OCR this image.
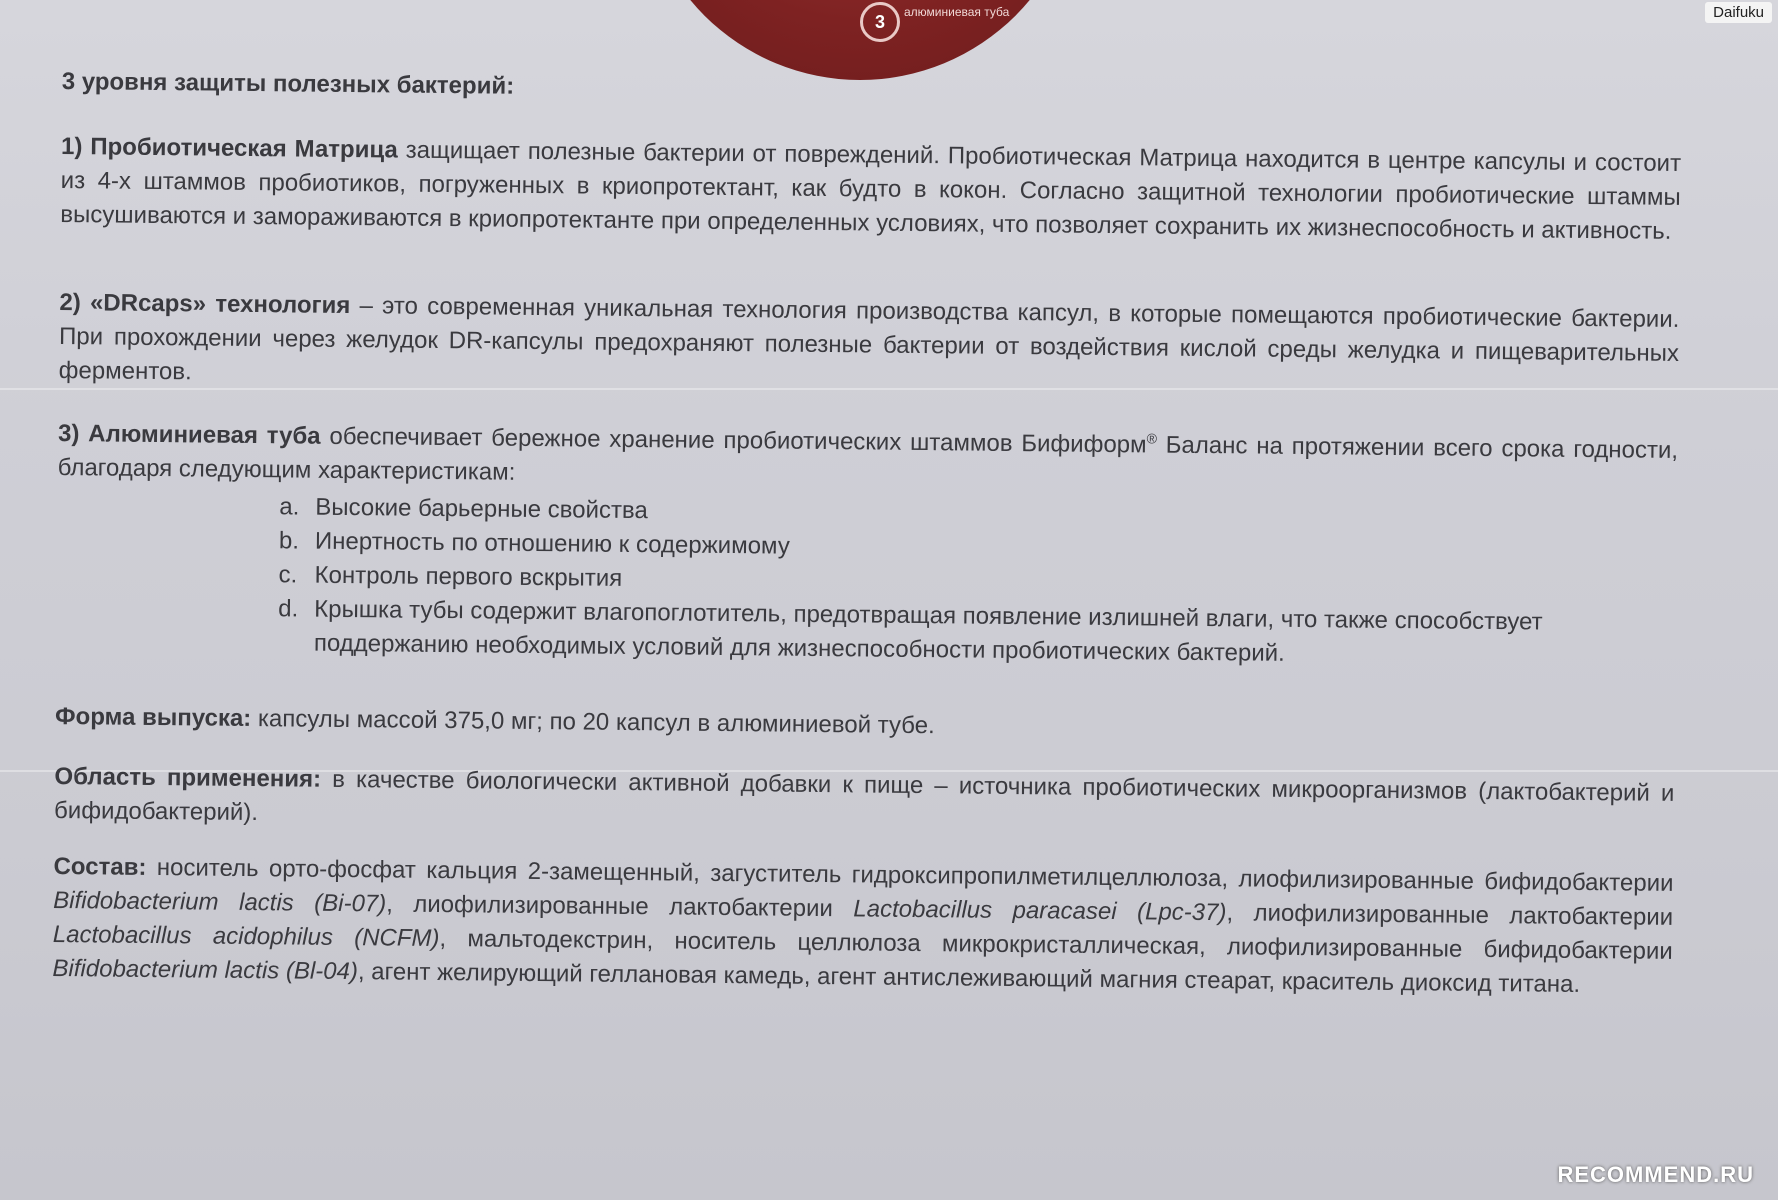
3	алюминиевая туба	Daifuku
RECOMMEND.RU
3 уровня защиты полезных бактерий:
1) Пробиотическая Матрица защищает полезные бактерии от повреждений. Пробиотическая Матрица находится в центре капсулы и состоит из 4-х штаммов пробиотиков, погруженных в криопротектант, как будто в кокон. Согласно защитной технологии пробиотические штаммы высушиваются и замораживаются в криопротектанте при определенных условиях, что позволяет сохранить их жизнеспособность и активность.
2) «DRcaps» технология – это современная уникальная технология производства капсул, в которые помещаются пробиотические бактерии. При прохождении через желудок DR-капсулы предохраняют полезные бактерии от воздействия кислой среды желудка и пищеварительных ферментов.
3) Алюминиевая туба обеспечивает бережное хранение пробиотических штаммов Бифиформ® Баланс на протяжении всего срока годности, благодаря следующим характеристикам:
a. Высокие барьерные свойства
b. Инертность по отношению к содержимому
c. Контроль первого вскрытия
d. Крышка тубы содержит влагопоглотитель, предотвращая появление излишней влаги, что также способствует поддержанию необходимых условий для жизнеспособности пробиотических бактерий.
Форма выпуска: капсулы массой 375,0 мг; по 20 капсул в алюминиевой тубе.
Область применения: в качестве биологически активной добавки к пище – источника пробиотических микроорганизмов (лактобактерий и бифидобактерий).
Состав: носитель орто-фосфат кальция 2-замещенный, загуститель гидроксипропилметилцеллюлоза, лиофилизированные бифидобактерии Bifidobacterium lactis (Bi-07), лиофилизированные лактобактерии Lactobacillus paracasei (Lpc-37), лиофилизированные лактобактерии Lactobacillus acidophilus (NCFM), мальтодекстрин, носитель целлюлоза микрокристаллическая, лиофилизированные бифидобактерии Bifidobacterium lactis (Bl-04), агент желирующий геллановая камедь, агент антислеживающий магния стеарат, краситель диоксид титана.
